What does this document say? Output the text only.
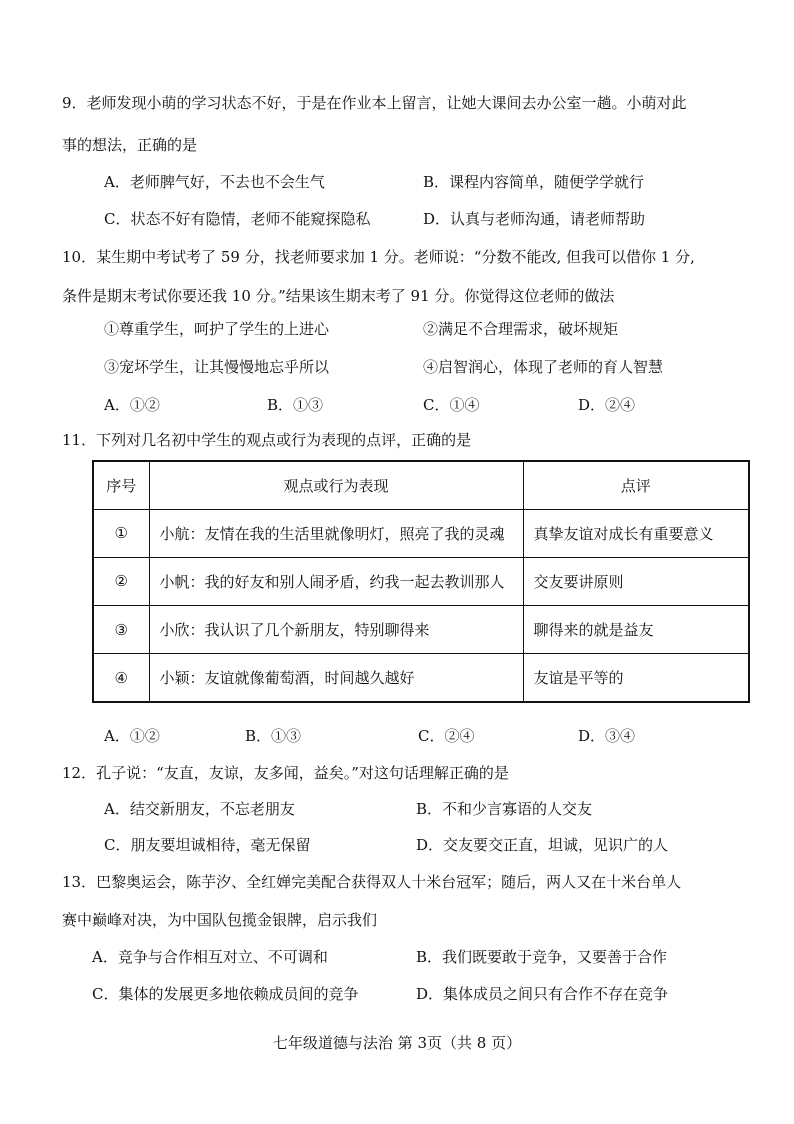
9．老师发现小萌的学习状态不好，于是在作业本上留言，让她大课间去办公室一趟。小萌对此
事的想法，正确的是
A．老师脾气好，不去也不会生气	B．课程内容简单，随便学学就行
C．状态不好有隐情，老师不能窥探隐私	D．认真与老师沟通，请老师帮助
10．某生期中考试考了 59 分，找老师要求加 1 分。老师说：“分数不能改, 但我可以借你 1 分,
条件是期末考试你要还我 10 分。”结果该生期末考了 91 分。你觉得这位老师的做法
①尊重学生，呵护了学生的上进心	②满足不合理需求，破坏规矩
③宠坏学生，让其慢慢地忘乎所以	④启智润心，体现了老师的育人智慧
A．①②	B．①③	C．①④	D．②④
11．下列对几名初中学生的观点或行为表现的点评，正确的是
序号	观点或行为表现	点评
①	小航：友情在我的生活里就像明灯，照亮了我的灵魂	真挚友谊对成长有重要意义
②	小帆：我的好友和别人闹矛盾，约我一起去教训那人	交友要讲原则
③	小欣：我认识了几个新朋友，特别聊得来	聊得来的就是益友
④	小颖：友谊就像葡萄酒，时间越久越好	友谊是平等的
A．①②	B．①③	C．②④	D．③④
12．孔子说：“友直，友谅，友多闻，益矣。”对这句话理解正确的是
A．结交新朋友，不忘老朋友	B．不和少言寡语的人交友
C．朋友要坦诚相待，毫无保留	D．交友要交正直，坦诚，见识广的人
13．巴黎奥运会，陈芋汐、全红婵完美配合获得双人十米台冠军；随后，两人又在十米台单人
赛中巅峰对决，为中国队包揽金银牌，启示我们
A．竞争与合作相互对立、不可调和	B．我们既要敢于竞争，又要善于合作
C．集体的发展更多地依赖成员间的竞争	D．集体成员之间只有合作不存在竞争
七年级道德与法治 第 3页（共 8 页）
